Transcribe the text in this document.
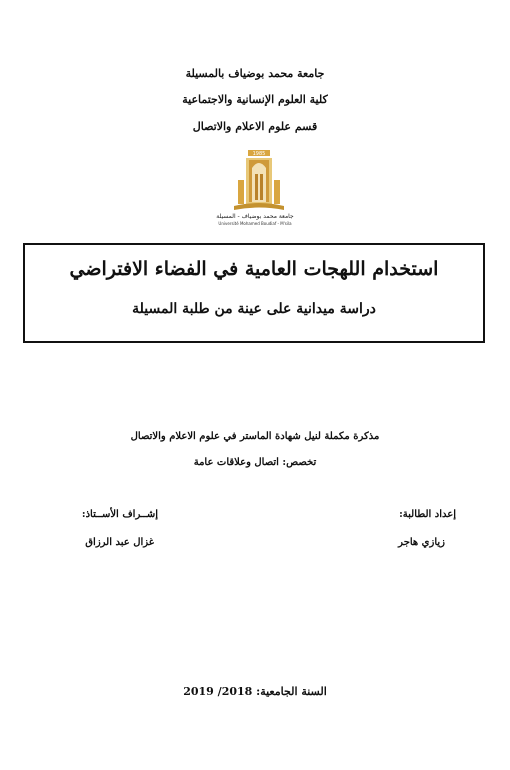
جامعة محمد بوضياف بالمسيلة
كلية العلوم الإنسانية والاجتماعية
قسم علوم الاعلام والاتصال
1985
جامعة محمد بوضياف - المسيلة
Université Mohamed Boudiaf - M'sila
استخدام اللهجات العامية في الفضاء الافتراضي
دراسة ميدانية على عينة من طلبة المسيلة
مذكرة مكملة لنيل شهادة الماستر في علوم الاعلام والاتصال
تخصص: اتصال وعلاقات عامة
إعداد الطالبة:
زيازي هاجر
إشــراف الأســتاذ:
غزال عبد الرزاق
السنة الجامعية: 2018/ 2019
